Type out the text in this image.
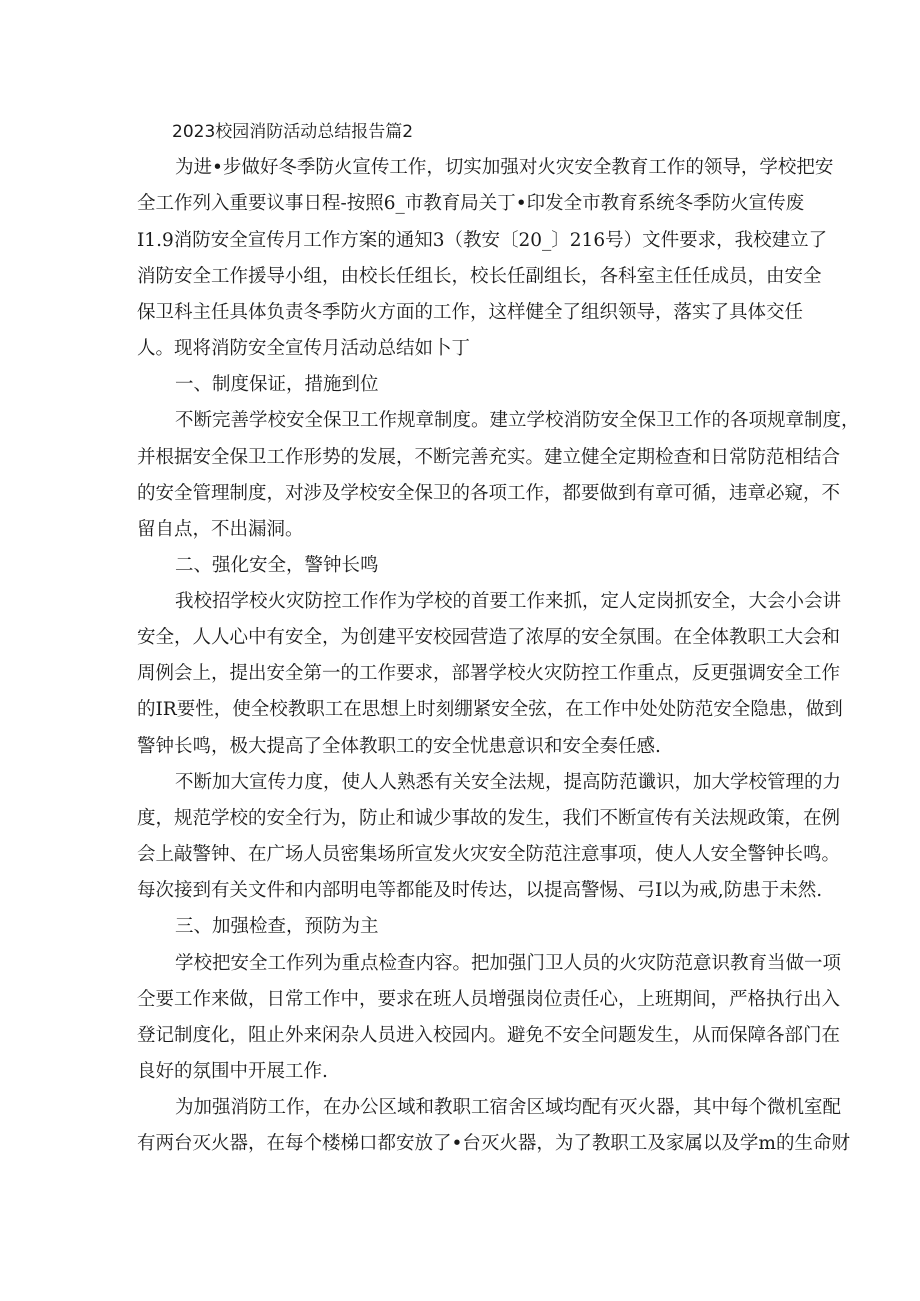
2023校园消防活动总结报告篇2

为进•步做好冬季防火宣传工作，切实加强对火灾安全教育工作的领导，学校把安

全工作列入重要议事日程-按照6_市教育局关丁•印发全市教育系统冬季防火宣传废

I1.9消防安全宣传月工作方案的通知3（教安〔20_〕216号）文件要求，我校建立了

消防安全工作援导小组，由校长任组长，校长任副组长，各科室主任任成员，由安全

保卫科主任具体负责冬季防火方面的工作，这样健全了组织领导，落实了具体交任

人。现将消防安全宣传月活动总结如卜丁

一、制度保证，措施到位

不断完善学校安全保卫工作规章制度。建立学校消防安全保卫工作的各项规章制度，

并根据安全保卫工作形势的发展，不断完善充实。建立健全定期检查和日常防范相结合

的安全管理制度，对涉及学校安全保卫的各项工作，都要做到有章可循，违章必窥，不

留自点，不出漏洞。

二、强化安全，警钟长鸣

我校招学校火灾防控工作作为学校的首要工作来抓，定人定岗抓安全，大会小会讲

安全，人人心中有安全，为创建平安校园营造了浓厚的安全氛围。在全体教职工大会和

周例会上，提出安全第一的工作要求，部署学校火灾防控工作重点，反更强调安全工作

的IR要性，使全校教职工在思想上时刻绷紧安全弦，在工作中处处防范安全隐患，做到

警钟长鸣，极大提高了全体教职工的安全忧患意识和安全奏任感.

不断加大宣传力度，使人人熟悉有关安全法规，提高防范谶识，加大学校管理的力

度，规范学校的安全行为，防止和诚少事故的发生，我们不断宣传有关法规政策，在例

会上敲警钟、在广场人员密集场所宣发火灾安全防范注意事项，使人人安全警钟长鸣。

每次接到有关文件和内部明电等都能及时传达，以提高警惕、弓I以为戒,防患于未然.

三、加强检查，预防为主

学校把安全工作列为重点检查内容。把加强门卫人员的火灾防范意识教育当做一项

仝要工作来做，日常工作中，要求在班人员增强岗位责任心，上班期间，严格执行出入

登记制度化，阻止外来闲杂人员进入校园内。避免不安全问题发生，从而保障各部门在

良好的氛围中开展工作.

为加强消防工作，在办公区域和教职工宿舍区域均配有灭火器，其中每个微机室配

有两台灭火器，在每个楼梯口都安放了•台灭火器，为了教职工及家属以及学m的生命财
